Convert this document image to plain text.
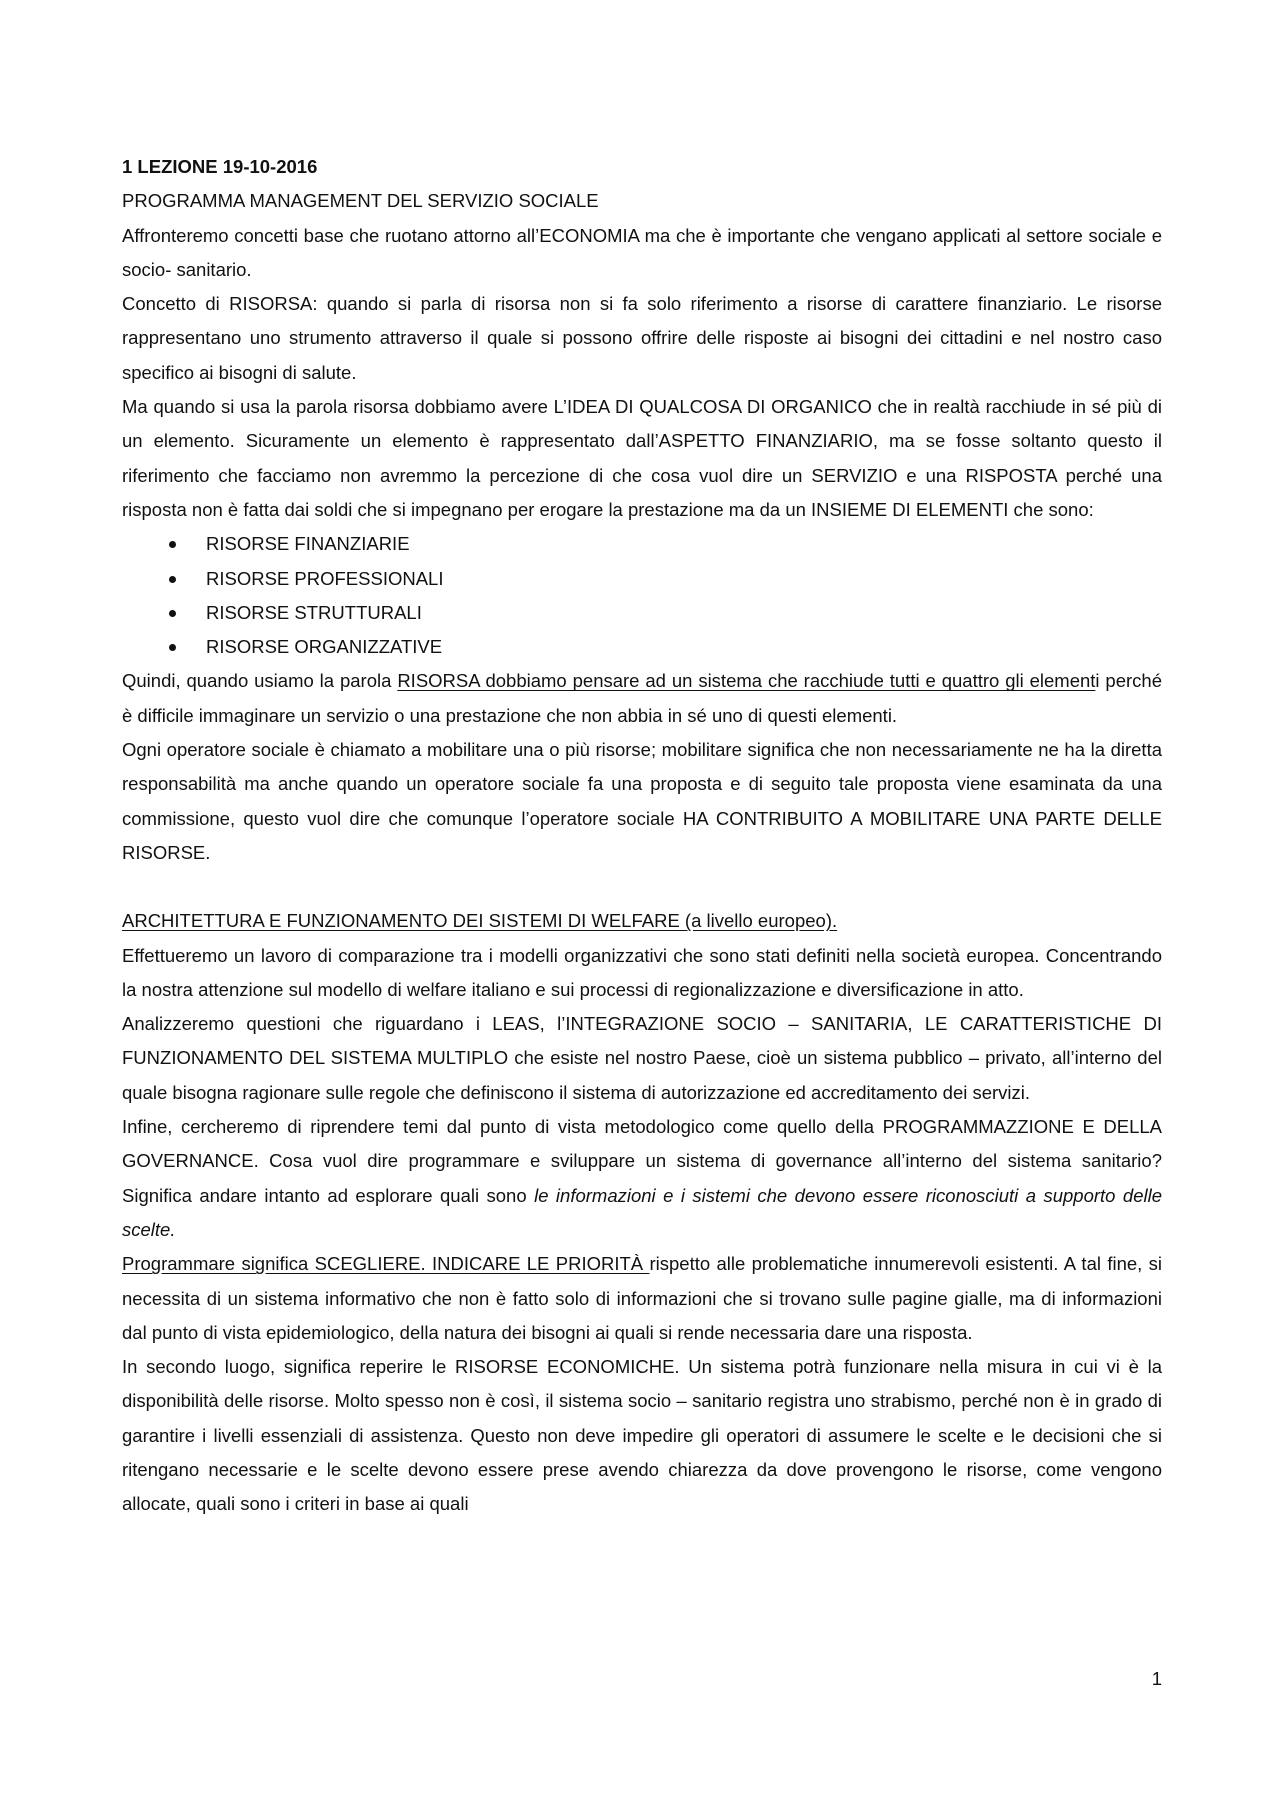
1 LEZIONE 19-10-2016

PROGRAMMA MANAGEMENT DEL SERVIZIO SOCIALE

Affronteremo concetti base che ruotano attorno all’ECONOMIA ma che è importante che vengano applicati al settore sociale e socio- sanitario.

Concetto di RISORSA: quando si parla di risorsa non si fa solo riferimento a risorse di carattere finanziario. Le risorse rappresentano uno strumento attraverso il quale si possono offrire delle risposte ai bisogni dei cittadini e nel nostro caso specifico ai bisogni di salute.

Ma quando si usa la parola risorsa dobbiamo avere L’IDEA DI QUALCOSA DI ORGANICO che in realtà racchiude in sé più di un elemento. Sicuramente un elemento è rappresentato dall’ASPETTO FINANZIARIO, ma se fosse soltanto questo il riferimento che facciamo non avremmo la percezione di che cosa vuol dire un SERVIZIO e una RISPOSTA perché una risposta non è fatta dai soldi che si impegnano per erogare la prestazione ma da un INSIEME DI ELEMENTI che sono:

RISORSE FINANZIARIE
RISORSE PROFESSIONALI
RISORSE STRUTTURALI
RISORSE ORGANIZZATIVE

Quindi, quando usiamo la parola RISORSA dobbiamo pensare ad un sistema che racchiude tutti e quattro gli elementi perché è difficile immaginare un servizio o una prestazione che non abbia in sé uno di questi elementi.

Ogni operatore sociale è chiamato a mobilitare una o più risorse; mobilitare significa che non necessariamente ne ha la diretta responsabilità ma anche quando un operatore sociale fa una proposta e di seguito tale proposta viene esaminata da una commissione, questo vuol dire che comunque l’operatore sociale HA CONTRIBUITO A MOBILITARE UNA PARTE DELLE RISORSE.

ARCHITETTURA E FUNZIONAMENTO DEI SISTEMI DI WELFARE (a livello europeo).

Effettueremo un lavoro di comparazione tra i modelli organizzativi che sono stati definiti nella società europea. Concentrando la nostra attenzione sul modello di welfare italiano e sui processi di regionalizzazione e diversificazione in atto.

Analizzeremo questioni che riguardano i LEAS, l’INTEGRAZIONE SOCIO – SANITARIA, LE CARATTERISTICHE DI FUNZIONAMENTO DEL SISTEMA MULTIPLO che esiste nel nostro Paese, cioè un sistema pubblico – privato, all’interno del quale bisogna ragionare sulle regole che definiscono il sistema di autorizzazione ed accreditamento dei servizi.

Infine, cercheremo di riprendere temi dal punto di vista metodologico come quello della PROGRAMMAZZIONE E DELLA GOVERNANCE. Cosa vuol dire programmare e sviluppare un sistema di governance all’interno del sistema sanitario? Significa andare intanto ad esplorare quali sono le informazioni e i sistemi che devono essere riconosciuti a supporto delle scelte.

Programmare significa SCEGLIERE. INDICARE LE PRIORITÀ rispetto alle problematiche innumerevoli esistenti. A tal fine, si necessita di un sistema informativo che non è fatto solo di informazioni che si trovano sulle pagine gialle, ma di informazioni dal punto di vista epidemiologico, della natura dei bisogni ai quali si rende necessaria dare una risposta.

In secondo luogo, significa reperire le RISORSE ECONOMICHE. Un sistema potrà funzionare nella misura in cui vi è la disponibilità delle risorse. Molto spesso non è così, il sistema socio – sanitario registra uno strabismo, perché non è in grado di garantire i livelli essenziali di assistenza. Questo non deve impedire gli operatori di assumere le scelte e le decisioni che si ritengano necessarie e le scelte devono essere prese avendo chiarezza da dove provengono le risorse, come vengono allocate, quali sono i criteri in base ai quali

1
